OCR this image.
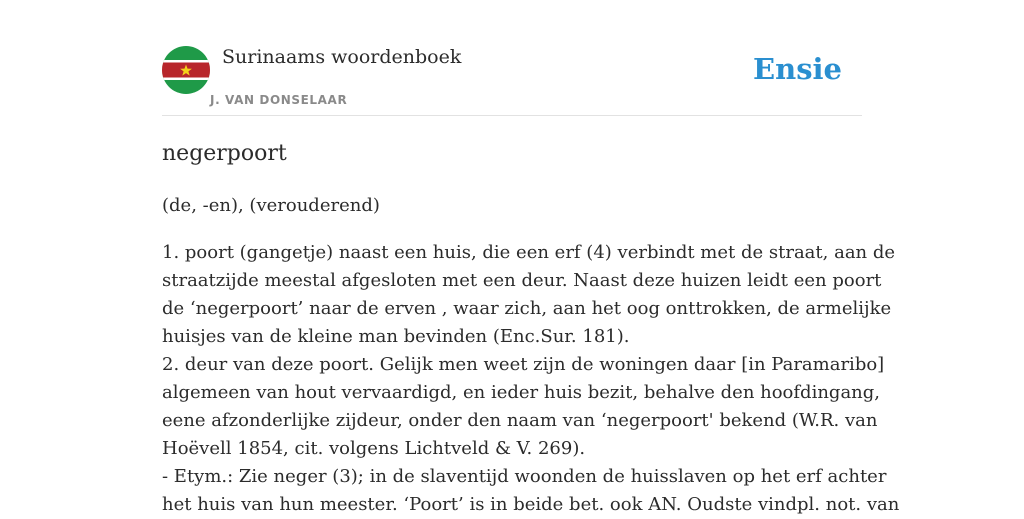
Surinaams woordenboek
J. VAN DONSELAAR
Ensie
negerpoort
(de, -en), (verouderend)
1. poort (gangetje) naast een huis, die een erf (4) verbindt met de straat, aan de
straatzijde meestal afgesloten met een deur. Naast deze huizen leidt een poort
de ‘negerpoort’ naar de erven , waar zich, aan het oog onttrokken, de armelijke
huisjes van de kleine man bevinden (Enc.Sur. 181).
2. deur van deze poort. Gelijk men weet zijn de woningen daar [in Paramaribo]
algemeen van hout vervaardigd, en ieder huis bezit, behalve den hoofdingang,
eene afzonderlijke zijdeur, onder den naam van ‘negerpoort' bekend (W.R. van
Hoëvell 1854, cit. volgens Lichtveld & V. 269).
- Etym.: Zie neger (3); in de slaventijd woonden de huisslaven op het erf achter
het huis van hun meester. ‘Poort’ is in beide bet. ook AN. Oudste vindpl. not. van
